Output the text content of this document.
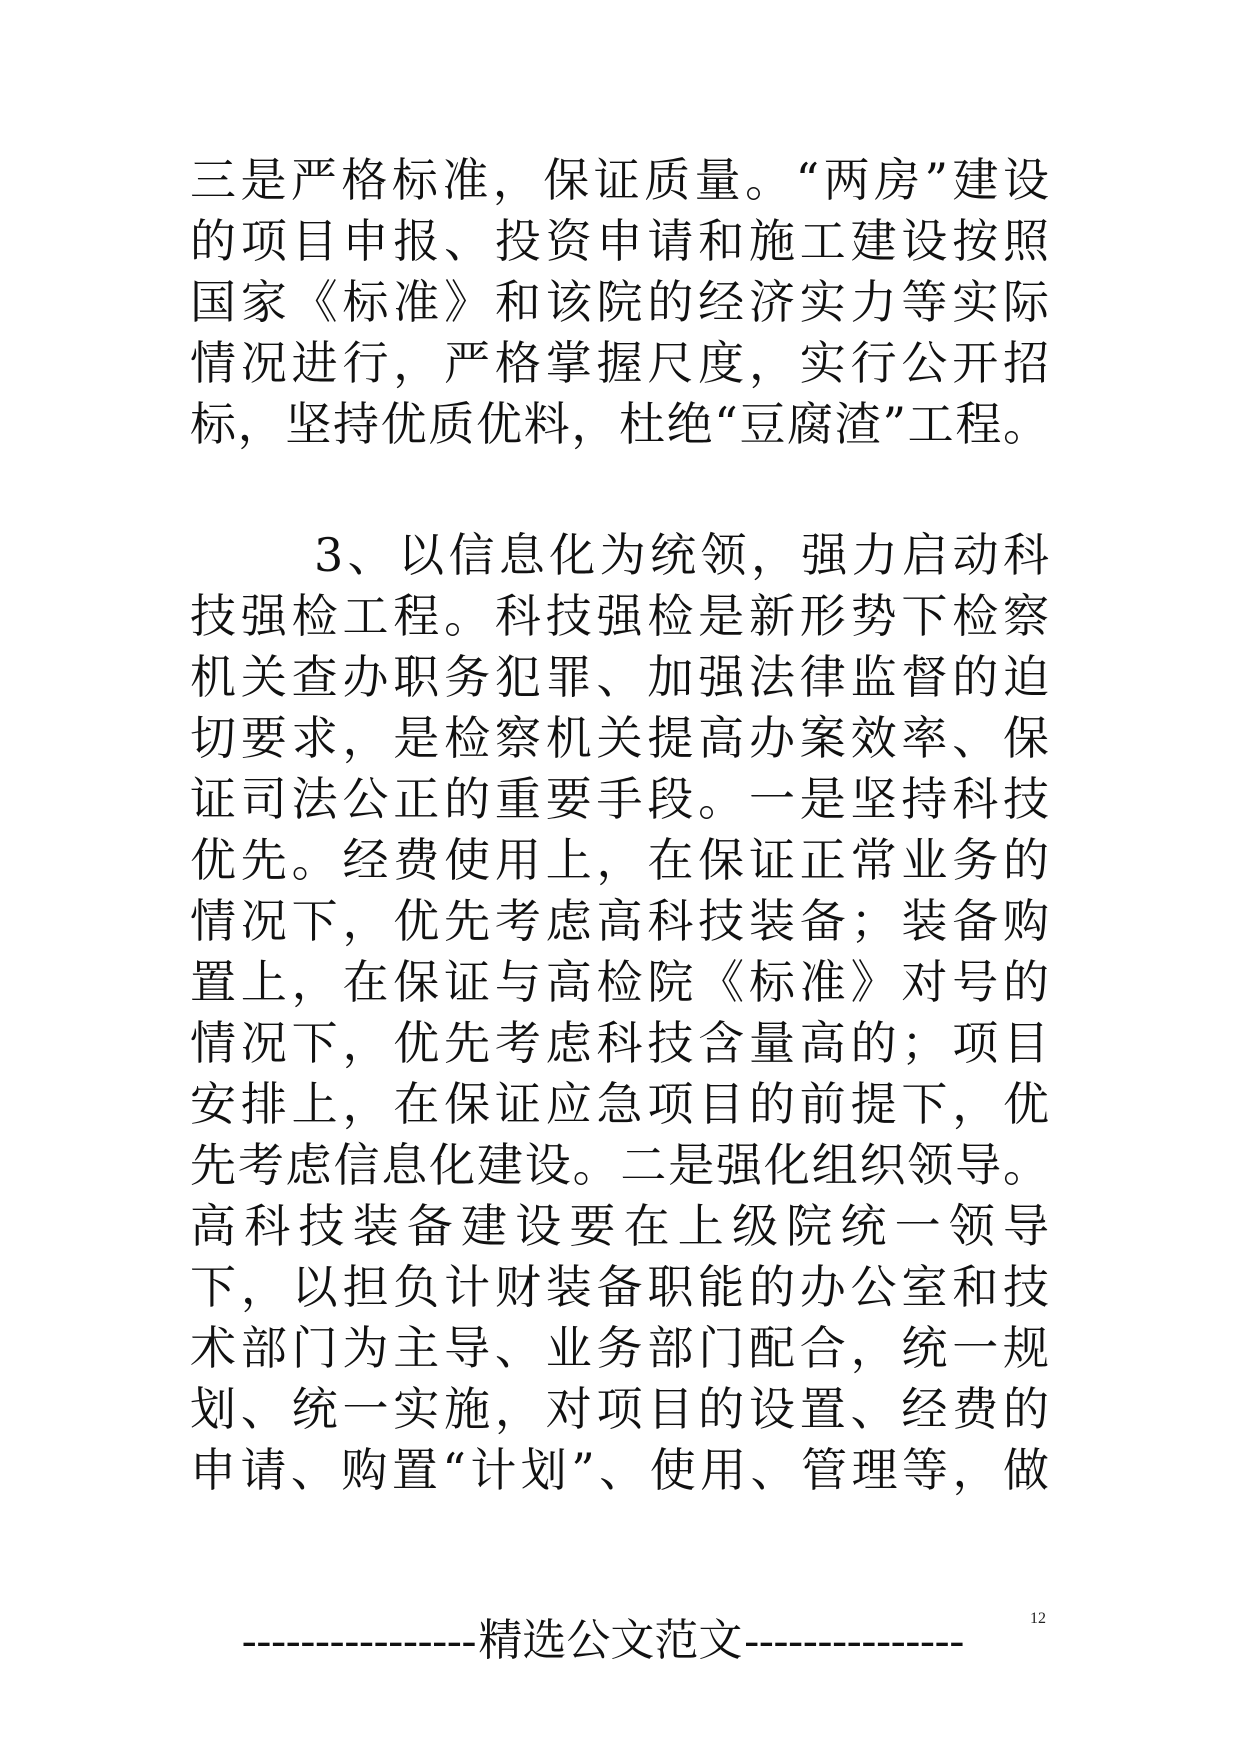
三是严格标准，保证质量。“两房”建设
的项目申报、投资申请和施工建设按照
国家《标准》和该院的经济实力等实际
情况进行，严格掌握尺度，实行公开招
标，坚持优质优料，杜绝“豆腐渣”工程。
3、以信息化为统领，强力启动科
技强检工程。科技强检是新形势下检察
机关查办职务犯罪、加强法律监督的迫
切要求，是检察机关提高办案效率、保
证司法公正的重要手段。一是坚持科技
优先。经费使用上，在保证正常业务的
情况下，优先考虑高科技装备；装备购
置上，在保证与高检院《标准》对号的
情况下，优先考虑科技含量高的；项目
安排上，在保证应急项目的前提下，优
先考虑信息化建设。二是强化组织领导。
高科技装备建设要在上级院统一领导
下，以担负计财装备职能的办公室和技
术部门为主导、业务部门配合，统一规
划、统一实施，对项目的设置、经费的
申请、购置“计划”、使用、管理等，做
12
---------------- 精选公文范文 ---------------
